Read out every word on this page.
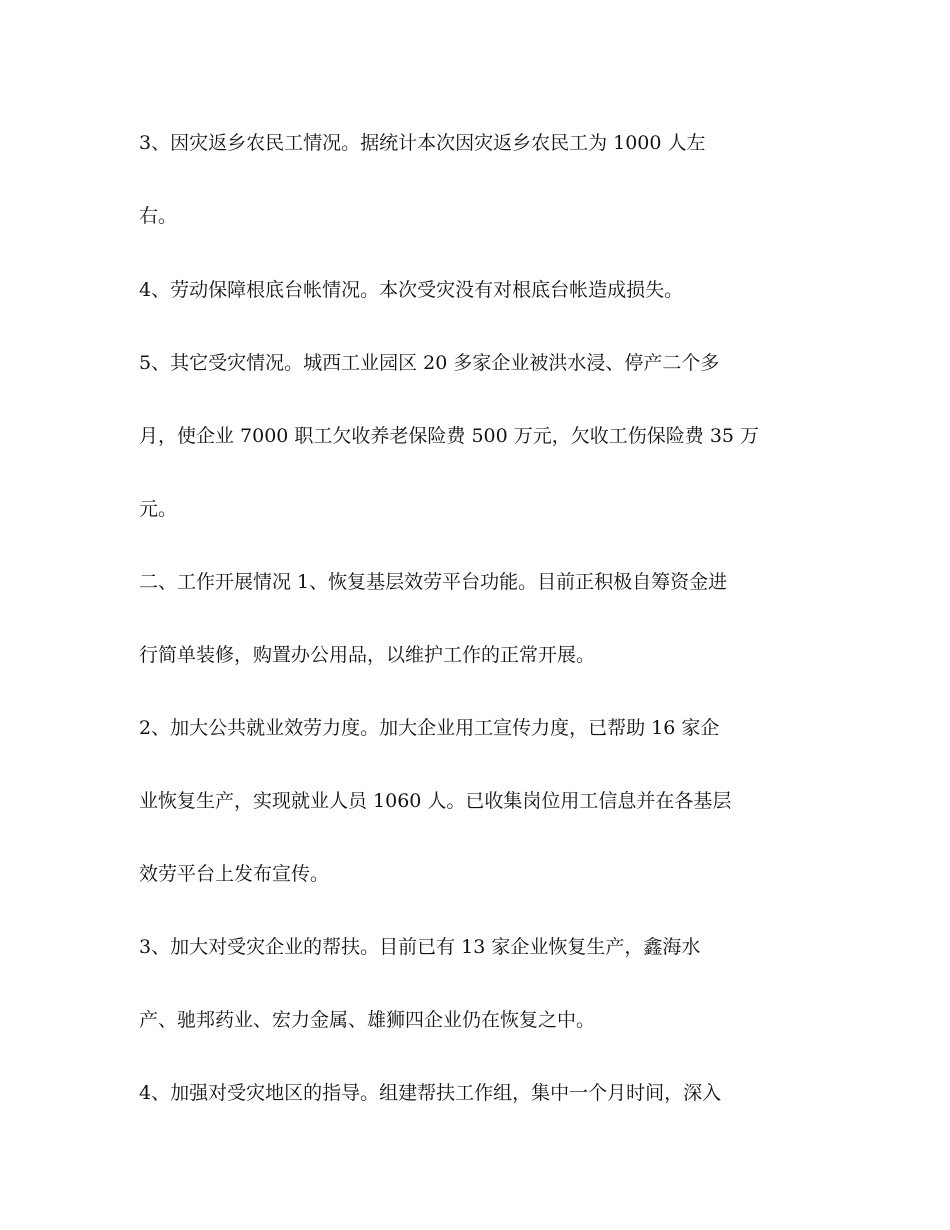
3、因灾返乡农民工情况。据统计本次因灾返乡农民工为 1000 人左
右。
4、劳动保障根底台帐情况。本次受灾没有对根底台帐造成损失。
5、其它受灾情况。城西工业园区 20 多家企业被洪水浸、停产二个多
月，使企业 7000 职工欠收养老保险费 500 万元，欠收工伤保险费 35 万
元。
二、工作开展情况 1、恢复基层效劳平台功能。目前正积极自筹资金进
行简单装修，购置办公用品，以维护工作的正常开展。
2、加大公共就业效劳力度。加大企业用工宣传力度，已帮助 16 家企
业恢复生产，实现就业人员 1060 人。已收集岗位用工信息并在各基层
效劳平台上发布宣传。
3、加大对受灾企业的帮扶。目前已有 13 家企业恢复生产，鑫海水
产、驰邦药业、宏力金属、雄狮四企业仍在恢复之中。
4、加强对受灾地区的指导。组建帮扶工作组，集中一个月时间，深入
